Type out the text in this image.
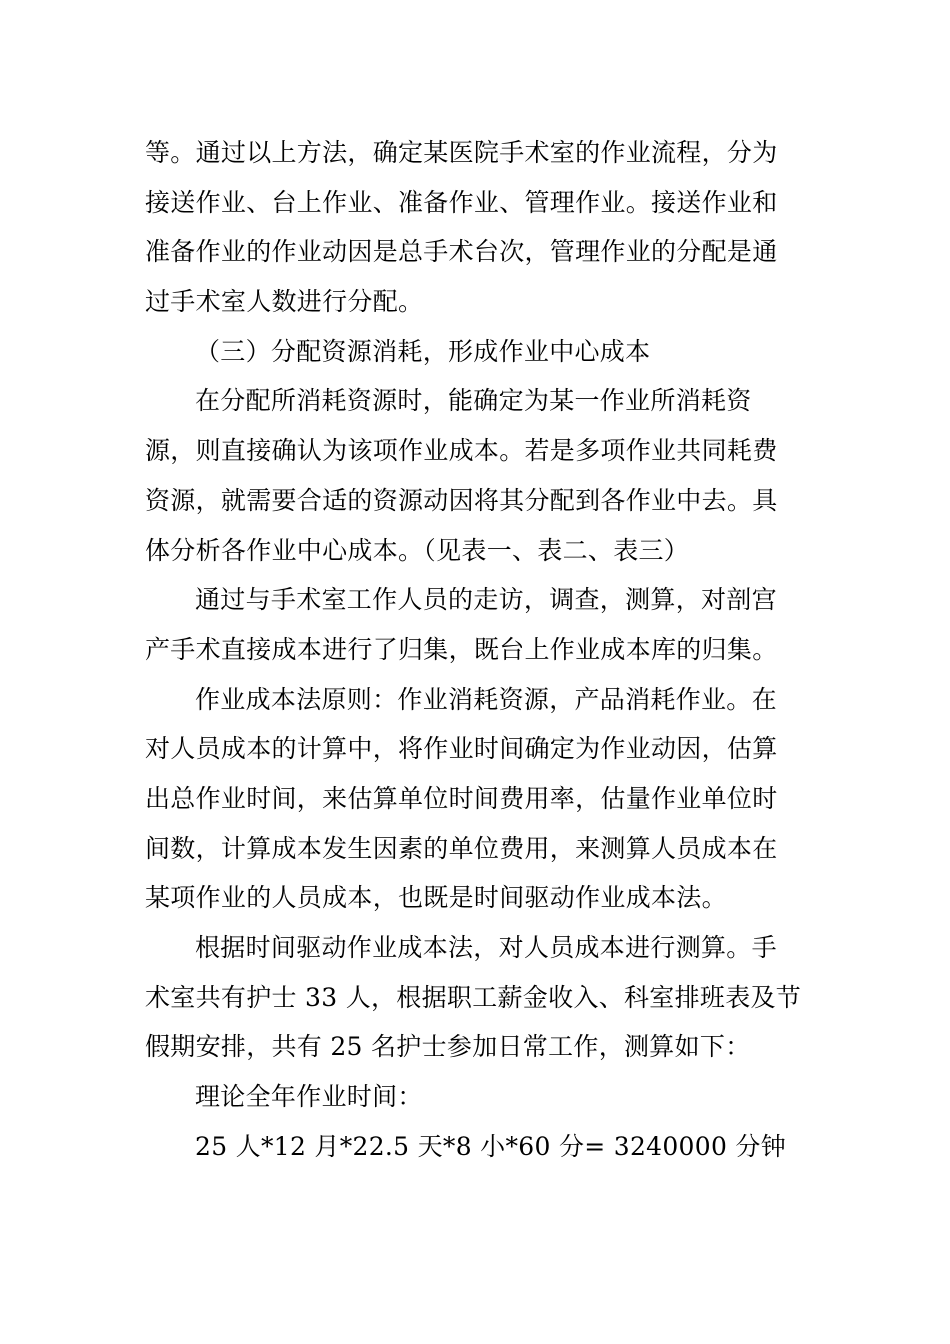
等。通过以上方法，确定某医院手术室的作业流程，分为
接送作业、台上作业、准备作业、管理作业。接送作业和
准备作业的作业动因是总手术台次，管理作业的分配是通
过手术室人数进行分配。
（三）分配资源消耗，形成作业中心成本
在分配所消耗资源时，能确定为某一作业所消耗资
源，则直接确认为该项作业成本。若是多项作业共同耗费
资源，就需要合适的资源动因将其分配到各作业中去。具
体分析各作业中心成本。（见表一、表二、表三）
通过与手术室工作人员的走访，调查，测算，对剖宫
产手术直接成本进行了归集，既台上作业成本库的归集。
作业成本法原则：作业消耗资源，产品消耗作业。在
对人员成本的计算中，将作业时间确定为作业动因，估算
出总作业时间，来估算单位时间费用率，估量作业单位时
间数，计算成本发生因素的单位费用，来测算人员成本在
某项作业的人员成本，也既是时间驱动作业成本法。
根据时间驱动作业成本法，对人员成本进行测算。手
术室共有护士 33 人，根据职工薪金收入、科室排班表及节
假期安排，共有 25 名护士参加日常工作，测算如下：
理论全年作业时间：
25 人*12 月*22.5 天*8 小*60 分= 3240000 分钟
